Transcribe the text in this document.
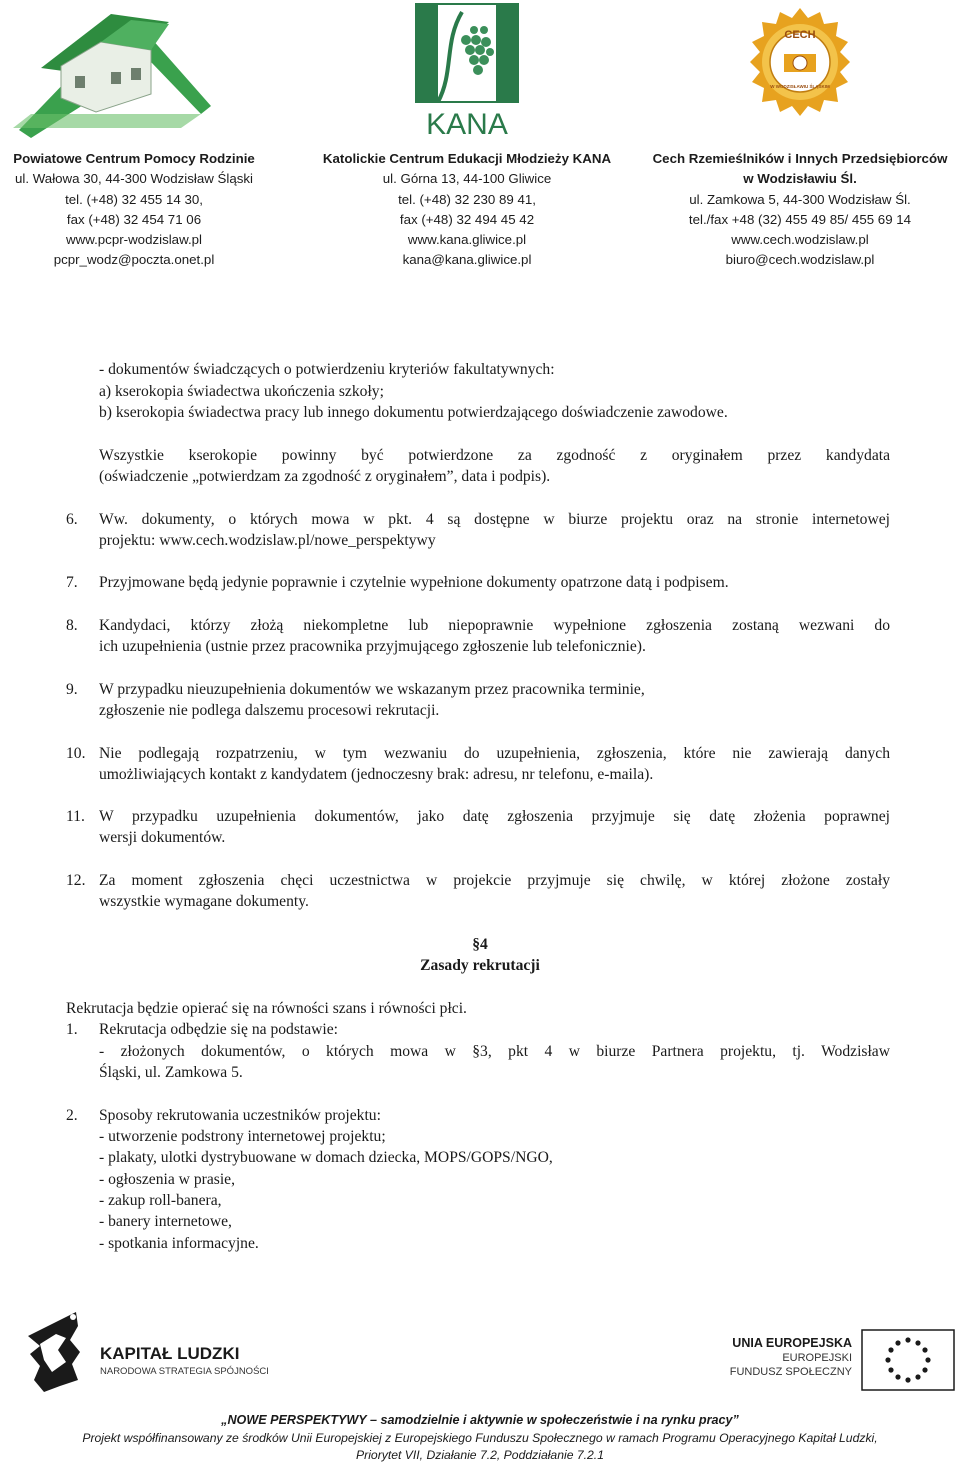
Powiatowe Centrum Pomocy Rodzinie
ul. Wałowa 30, 44-300 Wodzisław Śląski
tel. (+48) 32 455 14 30,
fax (+48) 32 454 71 06
www.pcpr-wodzislaw.pl
pcpr_wodz@poczta.onet.pl
KANA
Katolickie Centrum Edukacji Młodzieży KANA
ul. Górna 13, 44-100 Gliwice
tel. (+48) 32 230 89 41,
fax (+48) 32 494 45 42
www.kana.gliwice.pl
kana@kana.gliwice.pl
CECH
W WODZISŁAWIU ŚLĄSKIM
Cech Rzemieślników i Innych Przedsiębiorców
w Wodzisławiu Śl.
ul. Zamkowa 5, 44-300 Wodzisław Śl.
tel./fax +48 (32) 455 49 85/ 455 69 14
www.cech.wodzislaw.pl
biuro@cech.wodzislaw.pl
- dokumentów świadczących o potwierdzeniu kryteriów fakultatywnych:
a) kserokopia świadectwa ukończenia szkoły;
b) kserokopia świadectwa pracy lub innego dokumentu potwierdzającego doświadczenie zawodowe.
Wszystkie kserokopie powinny być potwierdzone za zgodność z oryginałem przez kandydata
(oświadczenie „potwierdzam za zgodność z oryginałem”, data i podpis).
6. Ww. dokumenty, o których mowa w pkt. 4 są dostępne w biurze projektu oraz na stronie internetowej
projektu: www.cech.wodzislaw.pl/nowe_perspektywy
7. Przyjmowane będą jedynie poprawnie i czytelnie wypełnione dokumenty opatrzone datą i podpisem.
8. Kandydaci, którzy złożą niekompletne lub niepoprawnie wypełnione zgłoszenia zostaną wezwani do
ich uzupełnienia (ustnie przez pracownika przyjmującego zgłoszenie lub telefonicznie).
9. W przypadku nieuzupełnienia dokumentów we wskazanym przez pracownika terminie,
zgłoszenie nie podlega dalszemu procesowi rekrutacji.
10. Nie podlegają rozpatrzeniu, w tym wezwaniu do uzupełnienia, zgłoszenia, które nie zawierają danych
umożliwiających kontakt z kandydatem (jednoczesny brak: adresu, nr telefonu, e-maila).
11. W przypadku uzupełnienia dokumentów, jako datę zgłoszenia przyjmuje się datę złożenia poprawnej
wersji dokumentów.
12. Za moment zgłoszenia chęci uczestnictwa w projekcie przyjmuje się chwilę, w której złożone zostały
wszystkie wymagane dokumenty.
§4
Zasady rekrutacji
Rekrutacja będzie opierać się na równości szans i równości płci.
1. Rekrutacja odbędzie się na podstawie:
- złożonych dokumentów, o których mowa w §3, pkt 4 w biurze Partnera projektu, tj. Wodzisław
Śląski, ul. Zamkowa 5.
2. Sposoby rekrutowania uczestników projektu:
- utworzenie podstrony internetowej projektu;
- plakaty, ulotki dystrybuowane w domach dziecka, MOPS/GOPS/NGO,
- ogłoszenia w prasie,
- zakup roll-banera,
- banery internetowe,
- spotkania informacyjne.
KAPITAŁ LUDZKI
NARODOWA STRATEGIA SPÓJNOŚCI
UNIA EUROPEJSKA
EUROPEJSKI
FUNDUSZ SPOŁECZNY
„NOWE PERSPEKTYWY – samodzielnie i aktywnie w społeczeństwie i na rynku pracy”
Projekt współfinansowany ze środków Unii Europejskiej z Europejskiego Funduszu Społecznego w ramach Programu Operacyjnego Kapitał Ludzki,
Priorytet VII, Działanie 7.2, Poddziałanie 7.2.1
